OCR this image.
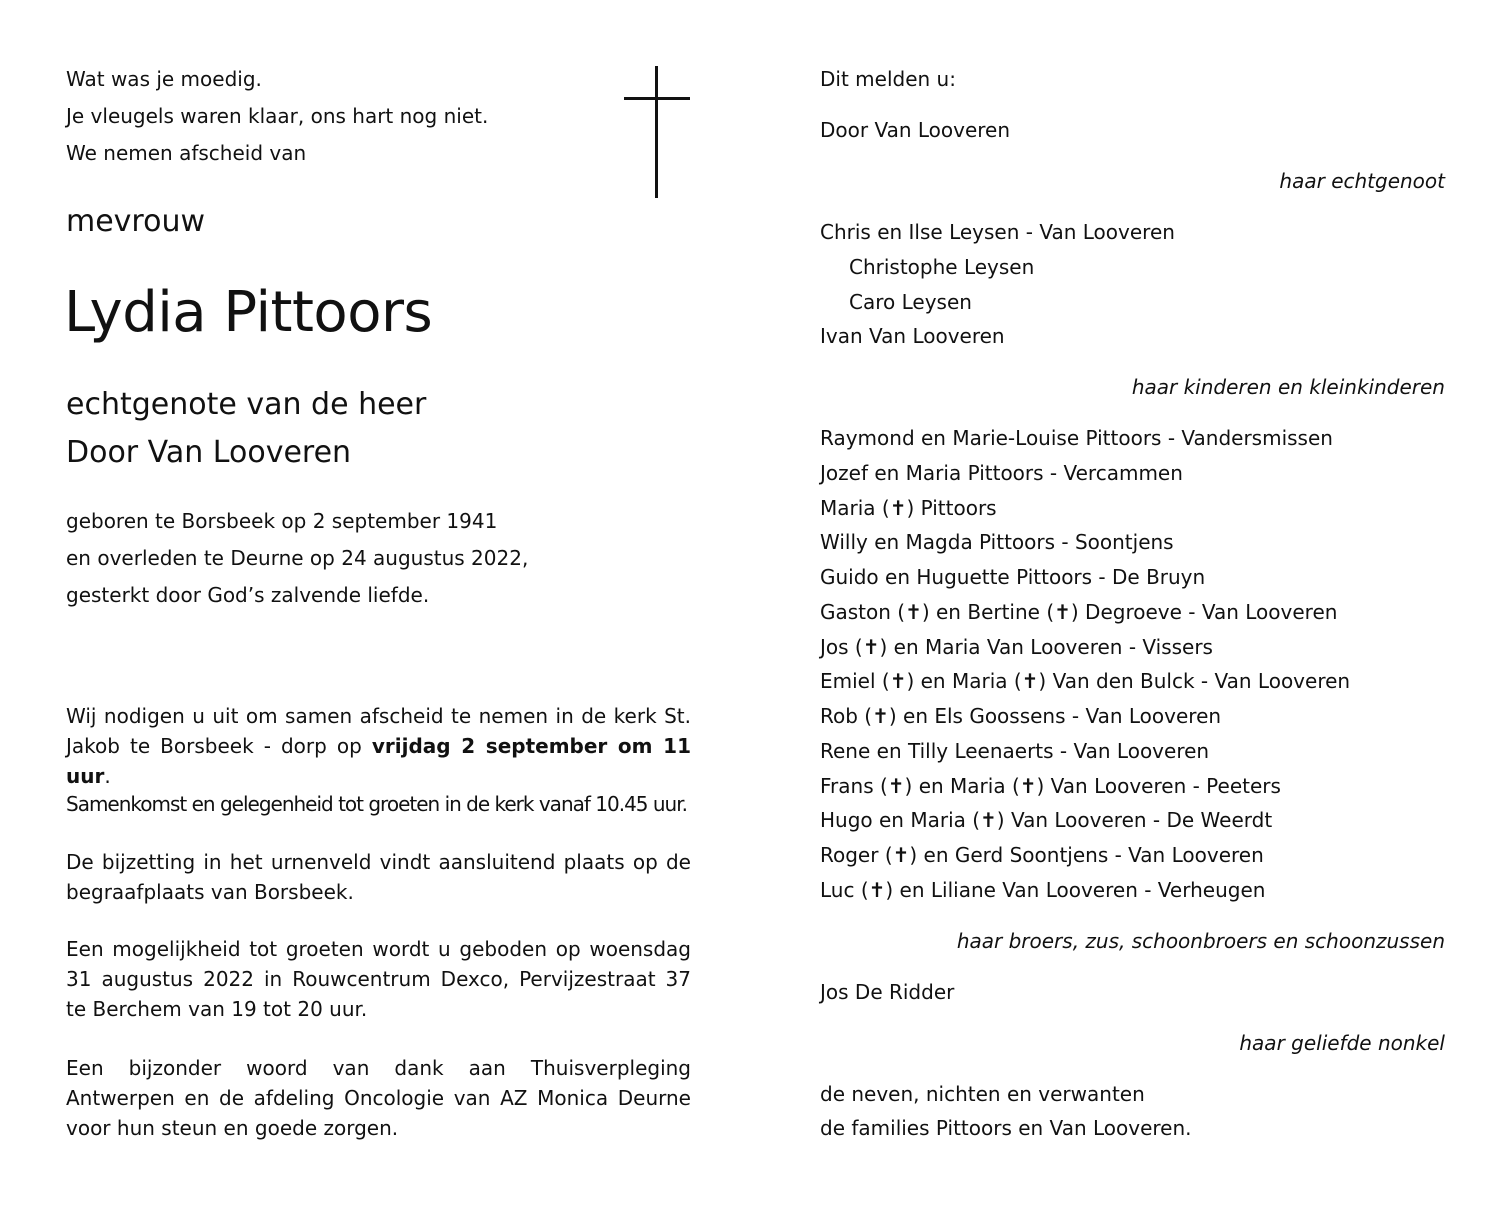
Wat was je moedig.

Je vleugels waren klaar, ons hart nog niet.

We nemen afscheid van

mevrouw

Lydia Pittoors

echtgenote van de heer

Door Van Looveren

geboren te Borsbeek op 2 september 1941

en overleden te Deurne op 24 augustus 2022,

gesterkt door God’s zalvende liefde.

Wij nodigen u uit om samen afscheid te nemen in de kerk St. Jakob te Borsbeek - dorp op vrijdag 2 september om 11 uur.

Samenkomst en gelegenheid tot groeten in de kerk vanaf 10.45 uur.

De bijzetting in het urnenveld vindt aansluitend plaats op de begraafplaats van Borsbeek.

Een mogelijkheid tot groeten wordt u geboden op woensdag 31 augustus 2022 in Rouwcentrum Dexco, Pervijzestraat 37 te Berchem van 19 tot 20 uur.

Een bijzonder woord van dank aan Thuisverpleging Antwerpen en de afdeling Oncologie van AZ Monica Deurne voor hun steun en goede zorgen.

Dit melden u:

Door Van Looveren

haar echtgenoot

Chris en Ilse Leysen - Van Looveren

Christophe Leysen

Caro Leysen

Ivan Van Looveren

haar kinderen en kleinkinderen

Raymond en Marie-Louise Pittoors - Vandersmissen

Jozef en Maria Pittoors - Vercammen

Maria (✝) Pittoors

Willy en Magda Pittoors - Soontjens

Guido en Huguette Pittoors - De Bruyn

Gaston (✝) en Bertine (✝) Degroeve - Van Looveren

Jos (✝) en Maria Van Looveren - Vissers

Emiel (✝) en Maria (✝) Van den Bulck - Van Looveren

Rob (✝) en Els Goossens - Van Looveren

Rene en Tilly Leenaerts - Van Looveren

Frans (✝) en Maria (✝) Van Looveren - Peeters

Hugo en Maria (✝) Van Looveren - De Weerdt

Roger (✝) en Gerd Soontjens - Van Looveren

Luc (✝) en Liliane Van Looveren - Verheugen

haar broers, zus, schoonbroers en schoonzussen

Jos De Ridder

haar geliefde nonkel

de neven, nichten en verwanten

de families Pittoors en Van Looveren.
